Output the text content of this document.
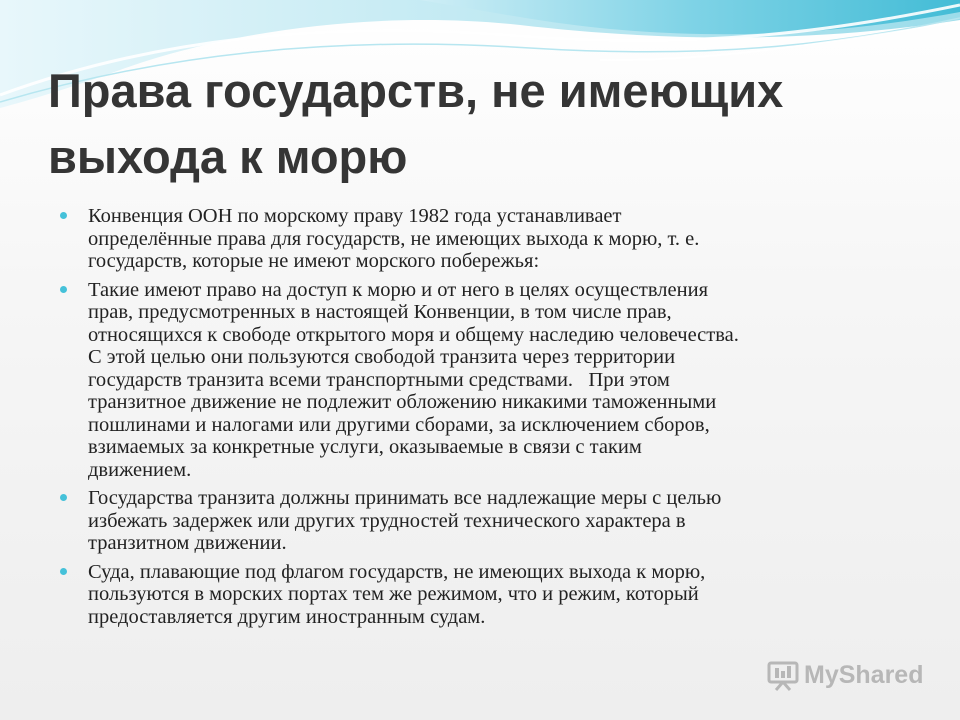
Права государств, не имеющих
выхода к морю
Конвенция ООН по морскому праву 1982 года устанавливает
определённые права для государств, не имеющих выхода к морю, т. е.
государств, которые не имеют морского побережья:
Такие имеют право на доступ к морю и от него в целях осуществления
прав, предусмотренных в настоящей Конвенции, в том числе прав,
относящихся к свободе открытого моря и общему наследию человечества.
С этой целью они пользуются свободой транзита через территории
государств транзита всеми транспортными средствами.   При этом
транзитное движение не подлежит обложению никакими таможенными
пошлинами и налогами или другими сборами, за исключением сборов,
взимаемых за конкретные услуги, оказываемые в связи с таким
движением.
Государства транзита должны принимать все надлежащие меры с целью
избежать задержек или других трудностей технического характера в
транзитном движении.
Суда, плавающие под флагом государств, не имеющих выхода к морю,
пользуются в морских портах тем же режимом, что и режим, который
предоставляется другим иностранным судам.
MyShared
